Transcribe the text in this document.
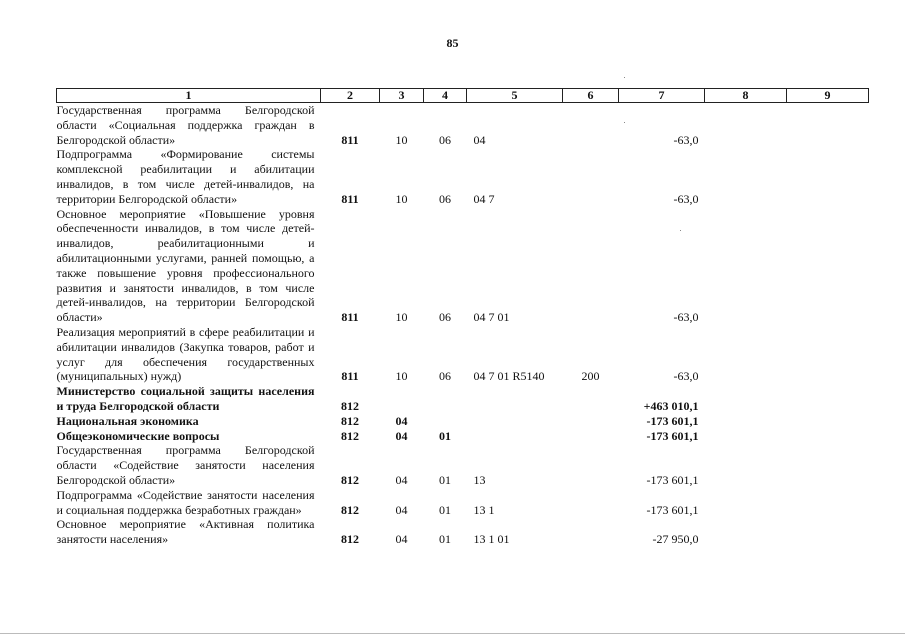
85
1	2	3	4	5	6	7	8	9
Государственная программа Белгородской области «Социальная поддержка граждан в Белгородской области»	811	10	06	04		-63,0		
Подпрограмма «Формирование системы комплексной реабилитации и абилитации инвалидов, в том числе детей-инвалидов, на территории Белгородской области»	811	10	06	04 7		-63,0		
Основное мероприятие «Повышение уровня обеспеченности инвалидов, в том числе детей-инвалидов, реабилитационными и абилитационными услугами, ранней помощью, а также повышение уровня профессионального развития и занятости инвалидов, в том числе детей-инвалидов, на территории Белгородской области»	811	10	06	04 7 01		-63,0		
Реализация мероприятий в сфере реабилитации и абилитации инвалидов (Закупка товаров, работ и услуг для обеспечения государственных (муниципальных) нужд)	811	10	06	04 7 01 R5140	200	-63,0		
Министерство социальной защиты населения и труда Белгородской области	812					+463 010,1		
Национальная экономика	812	04				-173 601,1		
Общеэкономические вопросы	812	04	01			-173 601,1		
Государственная программа Белгородской области «Содействие занятости населения Белгородской области»	812	04	01	13		-173 601,1		
Подпрограмма «Содействие занятости населения и социальная поддержка безработных граждан»	812	04	01	13 1		-173 601,1		
Основное мероприятие «Активная политика занятости населения»	812	04	01	13 1 01		-27 950,0		
